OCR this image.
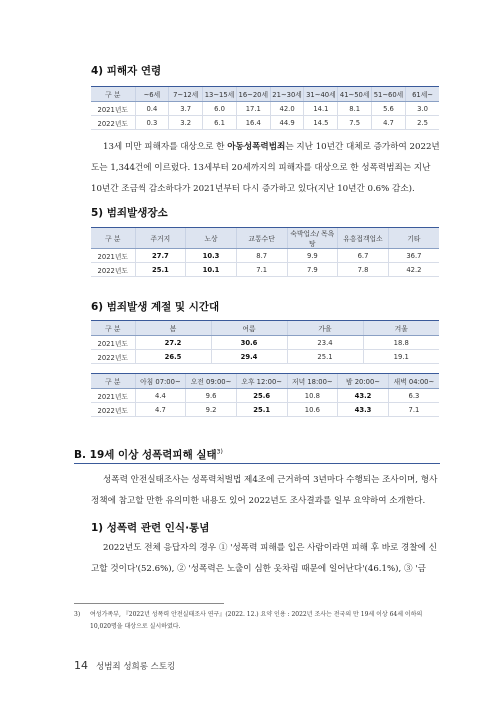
4) 피해자 연령
구 분	~6세	7~12세	13~15세	16~20세	21~30세	31~40세	41~50세	51~60세	61세~
2021년도	0.4	3.7	6.0	17.1	42.0	14.1	8.1	5.6	3.0
2022년도	0.3	3.2	6.1	16.4	44.9	14.5	7.5	4.7	2.5
13세 미만 피해자를 대상으로 한 아동성폭력범죄는 지난 10년간 대체로 증가하여 2022년도는 1,344건에 이르렀다. 13세부터 20세까지의 피해자를 대상으로 한 성폭력범죄는 지난 10년간 조금씩 감소하다가 2021년부터 다시 증가하고 있다(지난 10년간 0.6% 감소).
5) 범죄발생장소
구 분	주거지	노상	교통수단	숙박업소/ 목욕탕	유흥접객업소	기타
2021년도	27.7	10.3	8.7	9.9	6.7	36.7
2022년도	25.1	10.1	7.1	7.9	7.8	42.2
6) 범죄발생 계절 및 시간대
구 분	봄	여름	가을	겨울
2021년도	27.2	30.6	23.4	18.8
2022년도	26.5	29.4	25.1	19.1
구 분	아침 07:00~	오전 09:00~	오후 12:00~	저녁 18:00~	밤 20:00~	새벽 04:00~
2021년도	4.4	9.6	25.6	10.8	43.2	6.3
2022년도	4.7	9.2	25.1	10.6	43.3	7.1
B. 19세 이상 성폭력피해 실태$^{3)}$
성폭력 안전실태조사는 성폭력처벌법 제4조에 근거하여 3년마다 수행되는 조사이며, 형사정책에 참고할 만한 유의미한 내용도 있어 2022년도 조사결과를 일부 요약하여 소개한다.
1) 성폭력 관련 인식·통념
2022년도 전체 응답자의 경우 ① '성폭력 피해를 입은 사람이라면 피해 후 바로 경찰에 신고할 것이다'(52.6%), ② '성폭력은 노출이 심한 옷차림 때문에 일어난다'(46.1%), ③ '금
3) 여성가족부, 『2022년 성폭력 안전실태조사 연구』(2022. 12.) 요약 인용 : 2022년 조사는 전국의 만 19세 이상 64세 이하의 10,020명을 대상으로 실시하였다.
14 성범죄 성희롱 스토킹
